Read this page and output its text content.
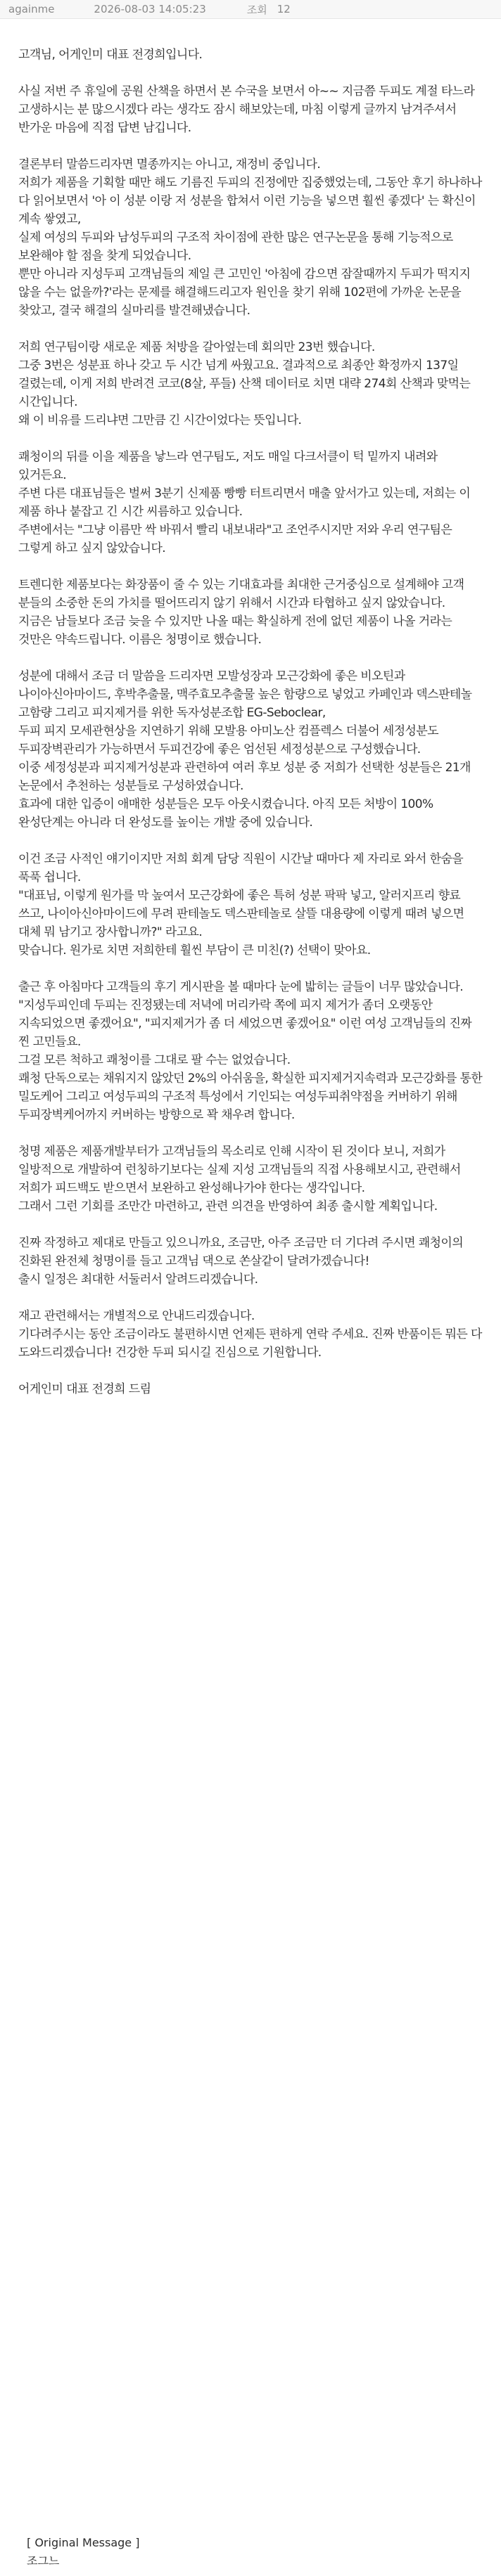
againme	2026-08-03 14:05:23	조회 12

고객님, 어게인미 대표 전경희입니다.

사실 저번 주 휴일에 공원 산책을 하면서 본 수국을 보면서 아~~ 지금쯤 두피도 계절 타느라 고생하시는 분 많으시겠다 라는 생각도 잠시 해보았는데, 마침 이렇게 글까지 남겨주셔서 반가운 마음에 직접 답변 남깁니다.

결론부터 말씀드리자면 멸종까지는 아니고, 재정비 중입니다.
저희가 제품을 기획할 때만 해도 기름진 두피의 진정에만 집중했었는데, 그동안 후기 하나하나 다 읽어보면서 '아 이 성분 이랑 저 성분을 합쳐서 이런 기능을 넣으면 훨씬 좋겠다' 는 확신이 계속 쌓였고,
실제 여성의 두피와 남성두피의 구조적 차이점에 관한 많은 연구논문을 통해 기능적으로 보완해야 할 점을 찾게 되었습니다.
뿐만 아니라 지성두피 고객님들의 제일 큰 고민인 '아침에 감으면 잠잘때까지 두피가 떡지지 않을 수는 없을까?'라는 문제를 해결해드리고자 원인을 찾기 위해 102편에 가까운 논문을 찾았고, 결국 해결의 실마리를 발견해냈습니다.

저희 연구팀이랑 새로운 제품 처방을 갈아엎는데 회의만 23번 했습니다.
그중 3번은 성분표 하나 갖고 두 시간 넘게 싸웠고요. 결과적으로 최종안 확정까지 137일 걸렸는데, 이게 저희 반려견 코코(8살, 푸들) 산책 데이터로 치면 대략 274회 산책과 맞먹는 시간입니다.
왜 이 비유를 드리냐면 그만큼 긴 시간이었다는 뜻입니다.

쾌청이의 뒤를 이을 제품을 낳느라 연구팀도, 저도 매일 다크서클이 턱 밑까지 내려와 있거든요.
주변 다른 대표님들은 벌써 3분기 신제품 빵빵 터트리면서 매출 앞서가고 있는데, 저희는 이 제품 하나 붙잡고 긴 시간 씨름하고 있습니다.
주변에서는 "그냥 이름만 싹 바꿔서 빨리 내보내라"고 조언주시지만 저와 우리 연구팀은 그렇게 하고 싶지 않았습니다.

트렌디한 제품보다는 화장품이 줄 수 있는 기대효과를 최대한 근거중심으로 설계해야 고객 분들의 소중한 돈의 가치를 떨어뜨리지 않기 위해서 시간과 타협하고 싶지 않았습니다.
지금은 남들보다 조금 늦을 수 있지만 나올 때는 확실하게 전에 없던 제품이 나올 거라는 것만은 약속드립니다. 이름은 청명이로 했습니다.

성분에 대해서 조금 더 말씀을 드리자면 모발성장과 모근강화에 좋은 비오틴과 나이아신아마이드, 후박추출물, 맥주효모추출물 높은 함량으로 넣었고 카페인과 덱스판테놀 고함량 그리고 피지제거를 위한 독자성분조합 EG-Seboclear,
두피 피지 모세관현상을 지연하기 위해 모발용 아미노산 컴플렉스 더불어 세정성분도 두피장벽관리가 가능하면서 두피건강에 좋은 엄선된 세정성분으로 구성했습니다.
이중 세정성분과 피지제거성분과 관련하여 여러 후보 성분 중 저희가 선택한 성분들은 21개 논문에서 추천하는 성분들로 구성하였습니다.
효과에 대한 입증이 애매한 성분들은 모두 아웃시켰습니다. 아직 모든 처방이 100% 완성단계는 아니라 더 완성도를 높이는 개발 중에 있습니다.

이건 조금 사적인 얘기이지만 저희 회계 담당 직원이 시간날 때마다 제 자리로 와서 한숨을 푹푹 쉽니다.
"대표님, 이렇게 원가를 막 높여서 모근강화에 좋은 특허 성분 팍팍 넣고, 알러지프리 향료 쓰고, 나이아신아마이드에 무려 판테놀도 덱스판테놀로 살뜰 대용량에 이렇게 때려 넣으면 대체 뭐 남기고 장사합니까?" 라고요.
맞습니다. 원가로 치면 저희한테 훨씬 부담이 큰 미친(?) 선택이 맞아요.

출근 후 아침마다 고객들의 후기 게시판을 볼 때마다 눈에 밟히는 글들이 너무 많았습니다.
"지성두피인데 두피는 진정됐는데 저녁에 머리카락 쪽에 피지 제거가 좀더 오랫동안 지속되었으면 좋겠어요", "피지제거가 좀 더 세었으면 좋겠어요" 이런 여성 고객님들의 진짜 찐 고민들요.
그걸 모른 척하고 쾌청이를 그대로 팔 수는 없었습니다.
쾌청 단독으로는 채워지지 않았던 2%의 아쉬움을, 확실한 피지제거지속력과 모근강화를 통한 밀도케어 그리고 여성두피의 구조적 특성에서 기인되는 여성두피취약점을 커버하기 위해 두피장벽케어까지 커버하는 방향으로 꽉 채우려 합니다.

청명 제품은 제품개발부터가 고객님들의 목소리로 인해 시작이 된 것이다 보니, 저희가 일방적으로 개발하여 런칭하기보다는 실제 지성 고객님들의 직접 사용해보시고, 관련해서 저희가 피드백도 받으면서 보완하고 완성해나가야 한다는 생각입니다.
그래서 그런 기회를 조만간 마련하고, 관련 의견을 반영하여 최종 출시할 계획입니다.

진짜 작정하고 제대로 만들고 있으니까요, 조금만, 아주 조금만 더 기다려 주시면 쾌청이의 진화된 완전체 청명이를 들고 고객님 댁으로 쏜살같이 달려가겠습니다!
출시 일정은 최대한 서둘러서 알려드리겠습니다.

재고 관련해서는 개별적으로 안내드리겠습니다.
기다려주시는 동안 조금이라도 불편하시면 언제든 편하게 연락 주세요. 진짜 반품이든 뭐든 다 도와드리겠습니다! 건강한 두피 되시길 진심으로 기원합니다.

어게인미 대표 전경희 드림

[ Original Message ]
조그느
